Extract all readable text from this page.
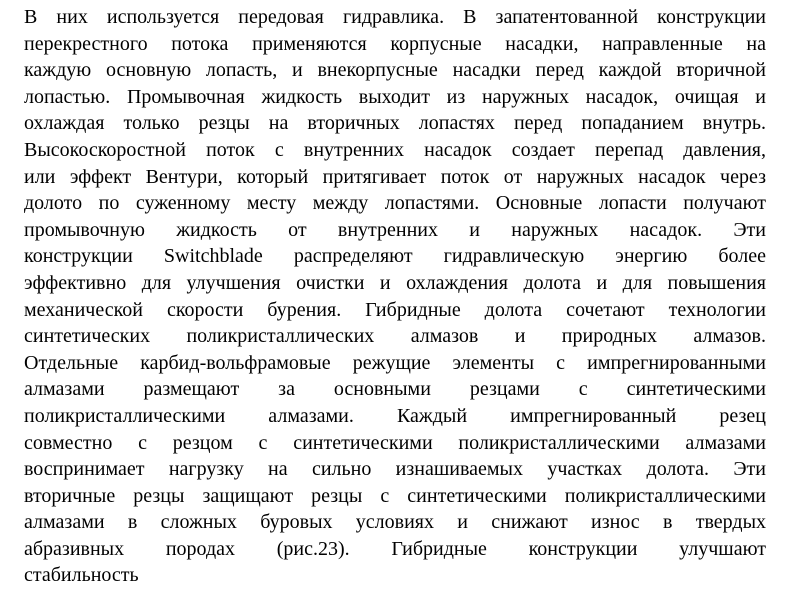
В них используется передовая гидравлика. В запатентованной конструкции
перекрестного потока применяются корпусные насадки, направленные на
каждую основную лопасть, и внекорпусные насадки перед каждой вторичной
лопастью. Промывочная жидкость выходит из наружных насадок, очищая и
охлаждая только резцы на вторичных лопастях перед попаданием внутрь.
Высокоскоростной поток с внутренних насадок создает перепад давления,
или эффект Вентури, который притягивает поток от наружных насадок через
долото по суженному месту между лопастями. Основные лопасти получают
промывочную жидкость от внутренних и наружных насадок. Эти
конструкции Switchblade распределяют гидравлическую энергию более
эффективно для улучшения очистки и охлаждения долота и для повышения
механической скорости бурения. Гибридные долота сочетают технологии
синтетических поликристаллических алмазов и природных алмазов.
Отдельные карбид-вольфрамовые режущие элементы с импрегнированными
алмазами размещают за основными резцами с синтетическими
поликристаллическими алмазами. Каждый импрегнированный резец
совместно с резцом с синтетическими поликристаллическими алмазами
воспринимает нагрузку на сильно изнашиваемых участках долота. Эти
вторичные резцы защищают резцы с синтетическими поликристаллическими
алмазами в сложных буровых условиях и снижают износ в твердых
абразивных породах (рис.23). Гибридные конструкции улучшают
стабильность
